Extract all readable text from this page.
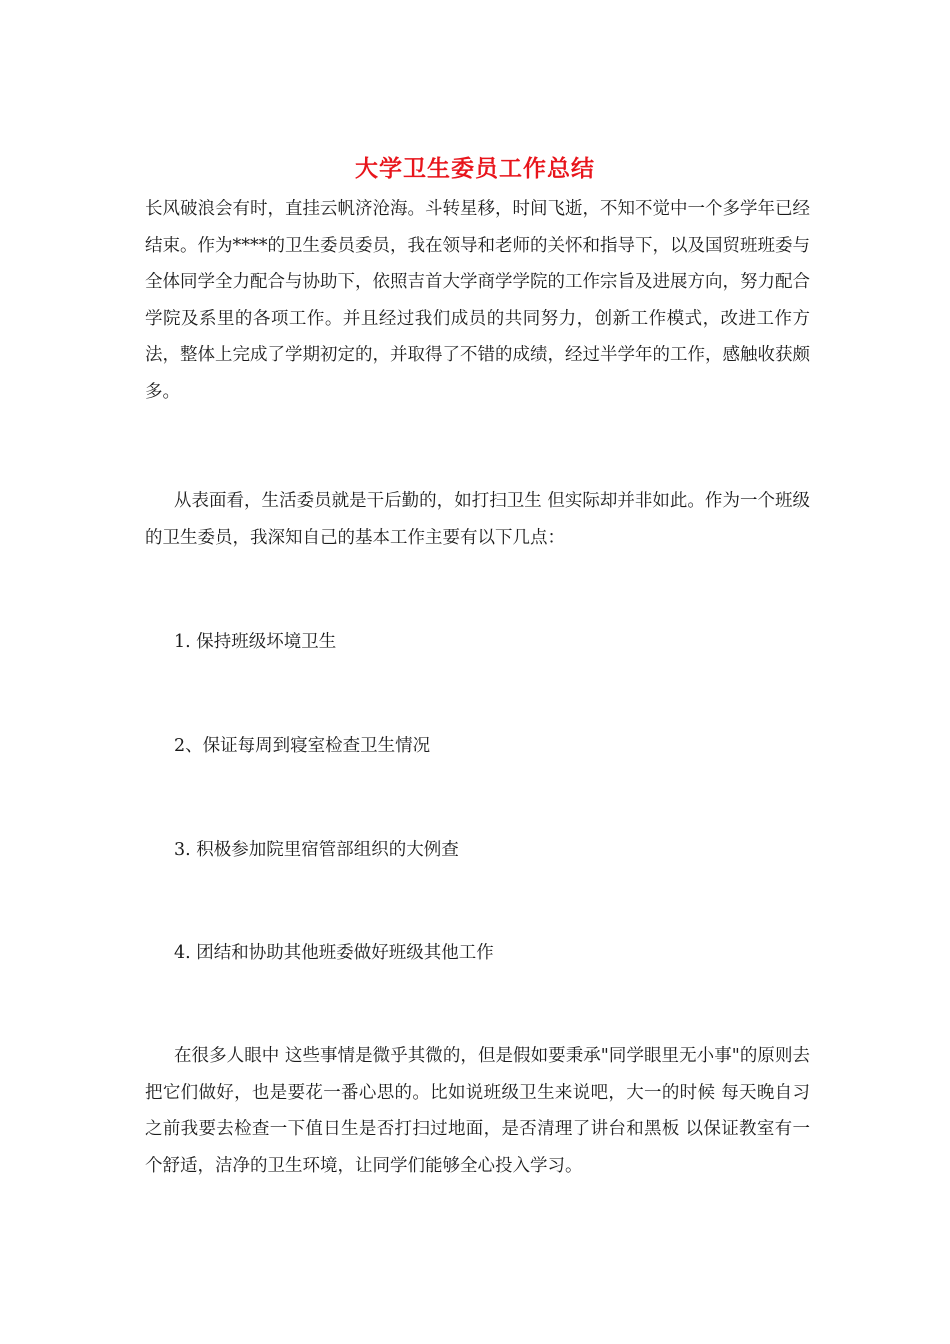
大学卫生委员工作总结

长风破浪会有时，直挂云帆济沧海。斗转星移，时间飞逝，不知不觉中一个多学年已经结束。作为****的卫生委员委员，我在领导和老师的关怀和指导下，以及国贸班班委与全体同学全力配合与协助下，依照吉首大学商学学院的工作宗旨及进展方向，努力配合学院及系里的各项工作。并且经过我们成员的共同努力，创新工作模式，改进工作方法，整体上完成了学期初定的，并取得了不错的成绩，经过半学年的工作，感触收获颇多。

从表面看，生活委员就是干后勤的，如打扫卫生 但实际却并非如此。作为一个班级的卫生委员，我深知自己的基本工作主要有以下几点：

1. 保持班级坏境卫生

2、保证每周到寝室检查卫生情况

3. 积极参加院里宿管部组织的大例查

4. 团结和协助其他班委做好班级其他工作

在很多人眼中 这些事情是微乎其微的，但是假如要秉承"同学眼里无小事"的原则去把它们做好，也是要花一番心思的。比如说班级卫生来说吧，大一的时候 每天晚自习之前我要去检查一下值日生是否打扫过地面，是否清理了讲台和黑板 以保证教室有一个舒适，洁净的卫生环境，让同学们能够全心投入学习。
